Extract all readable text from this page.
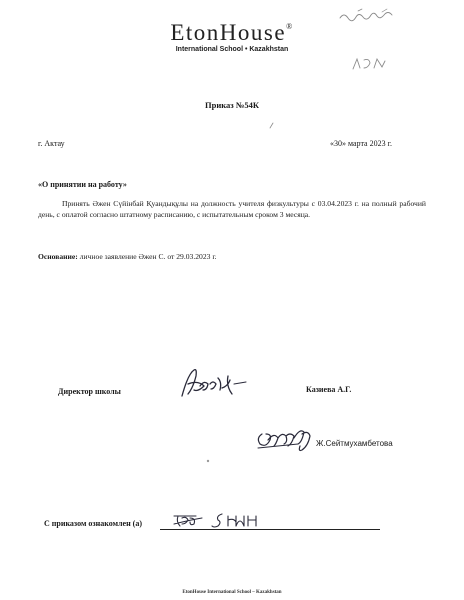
EtonHouse®
International School • Kazakhstan
Приказ №54К
г. Актау	«30» марта 2023 г.
«О принятии на работу»
Принять Әжен Сүйінбай Қуандықұлы на должность учителя физкультуры с 03.04.2023 г. на полный рабочий день, с оплатой согласно штатному расписанию, с испытательным сроком 3 месяца.
Основание: личное заявление Әжен С. от 29.03.2023 г.
Директор школы	Казиева А.Г.
Ж.Сейтмухамбетова
С приказом ознакомлен (а)
EtonHouse International School – Kazakhstan
